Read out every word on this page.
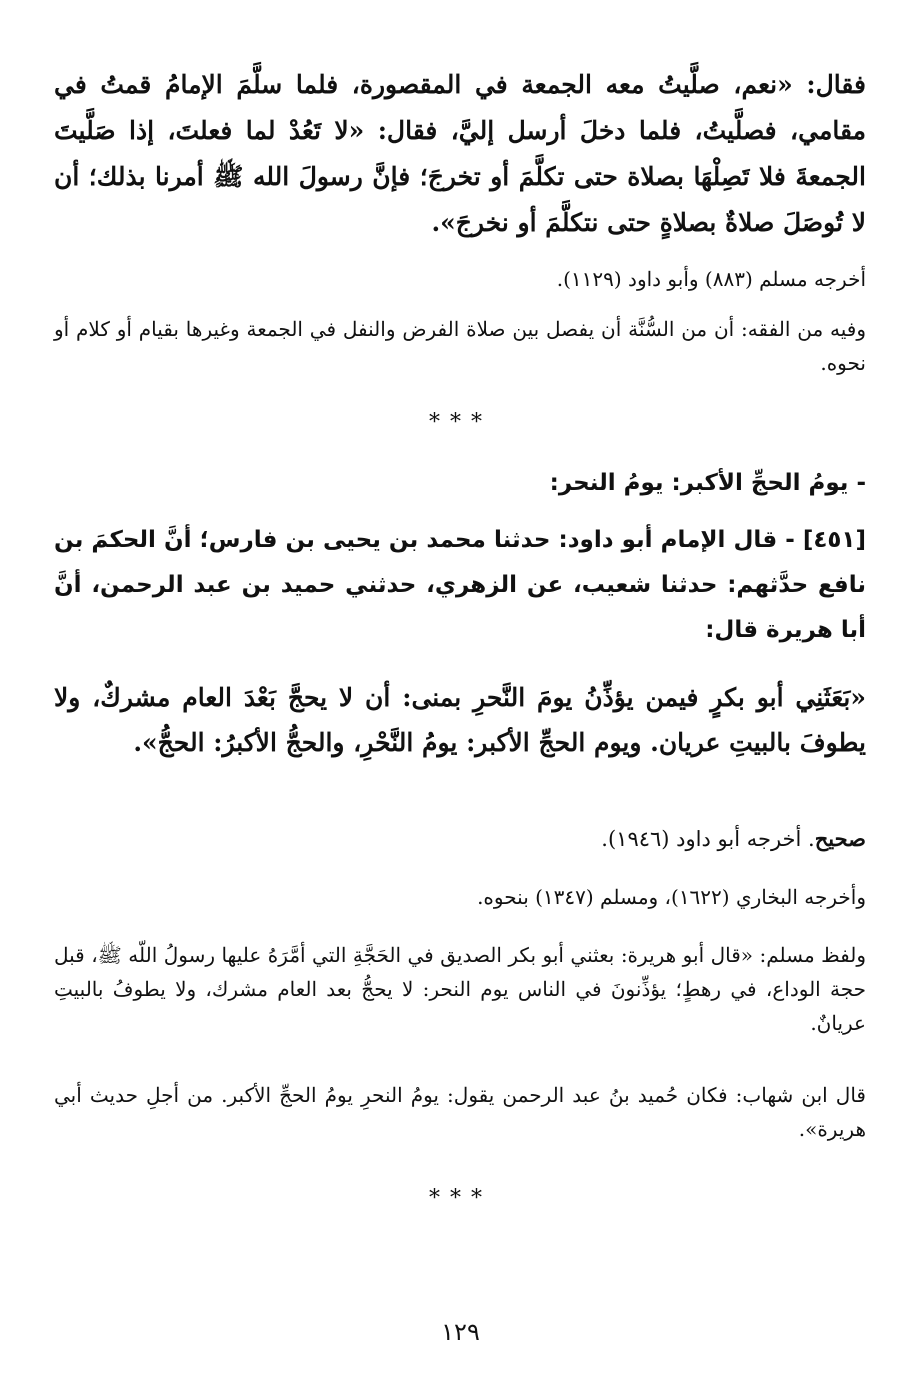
فقال: «نعم، صلَّيتُ معه الجمعة في المقصورة، فلما سلَّمَ الإمامُ قمتُ في مقامي، فصلَّيتُ، فلما دخلَ أرسل إليَّ، فقال: «لا تَعُدْ لما فعلتَ، إذا صَلَّيتَ الجمعةَ فلا تَصِلْهَا بصلاة حتى تكلَّمَ أو تخرجَ؛ فإنَّ رسولَ الله ﷺ أمرنا بذلك؛ أن لا تُوصَلَ صلاةٌ بصلاةٍ حتى نتكلَّمَ أو نخرجَ».

أخرجه مسلم (٨٨٣) وأبو داود (١١٢٩).

وفيه من الفقه: أن من السُّنَّة أن يفصل بين صلاة الفرض والنفل في الجمعة وغيرها بقيام أو كلام أو نحوه.

***

- يومُ الحجِّ الأكبر: يومُ النحر:

[٤٥١] - قال الإمام أبو داود: حدثنا محمد بن يحيى بن فارس؛ أنَّ الحكمَ بن نافع حدَّثهم: حدثنا شعيب، عن الزهري، حدثني حميد بن عبد الرحمن، أنَّ أبا هريرة قال:

«بَعَثَنِي أبو بكرٍ فيمن يؤذِّنُ يومَ النَّحرِ بمنى: أن لا يحجَّ بَعْدَ العام مشركٌ، ولا يطوفَ بالبيتِ عريان. ويوم الحجِّ الأكبر: يومُ النَّحْرِ، والحجُّ الأكبرُ: الحجُّ».

صحيح. أخرجه أبو داود (١٩٤٦).

وأخرجه البخاري (١٦٢٢)، ومسلم (١٣٤٧) بنحوه.

ولفظ مسلم: «قال أبو هريرة: بعثني أبو بكر الصديق في الحَجَّةِ التي أمَّرَهُ عليها رسولُ اللّه ﷺ، قبل حجة الوداع، في رهطٍ؛ يؤذِّنونَ في الناس يوم النحر: لا يحجُّ بعد العام مشرك، ولا يطوفُ بالبيتِ عريانٌ.

قال ابن شهاب: فكان حُميد بنُ عبد الرحمن يقول: يومُ النحرِ يومُ الحجِّ الأكبر. من أجلِ حديث أبي هريرة».

***
١٢٩
